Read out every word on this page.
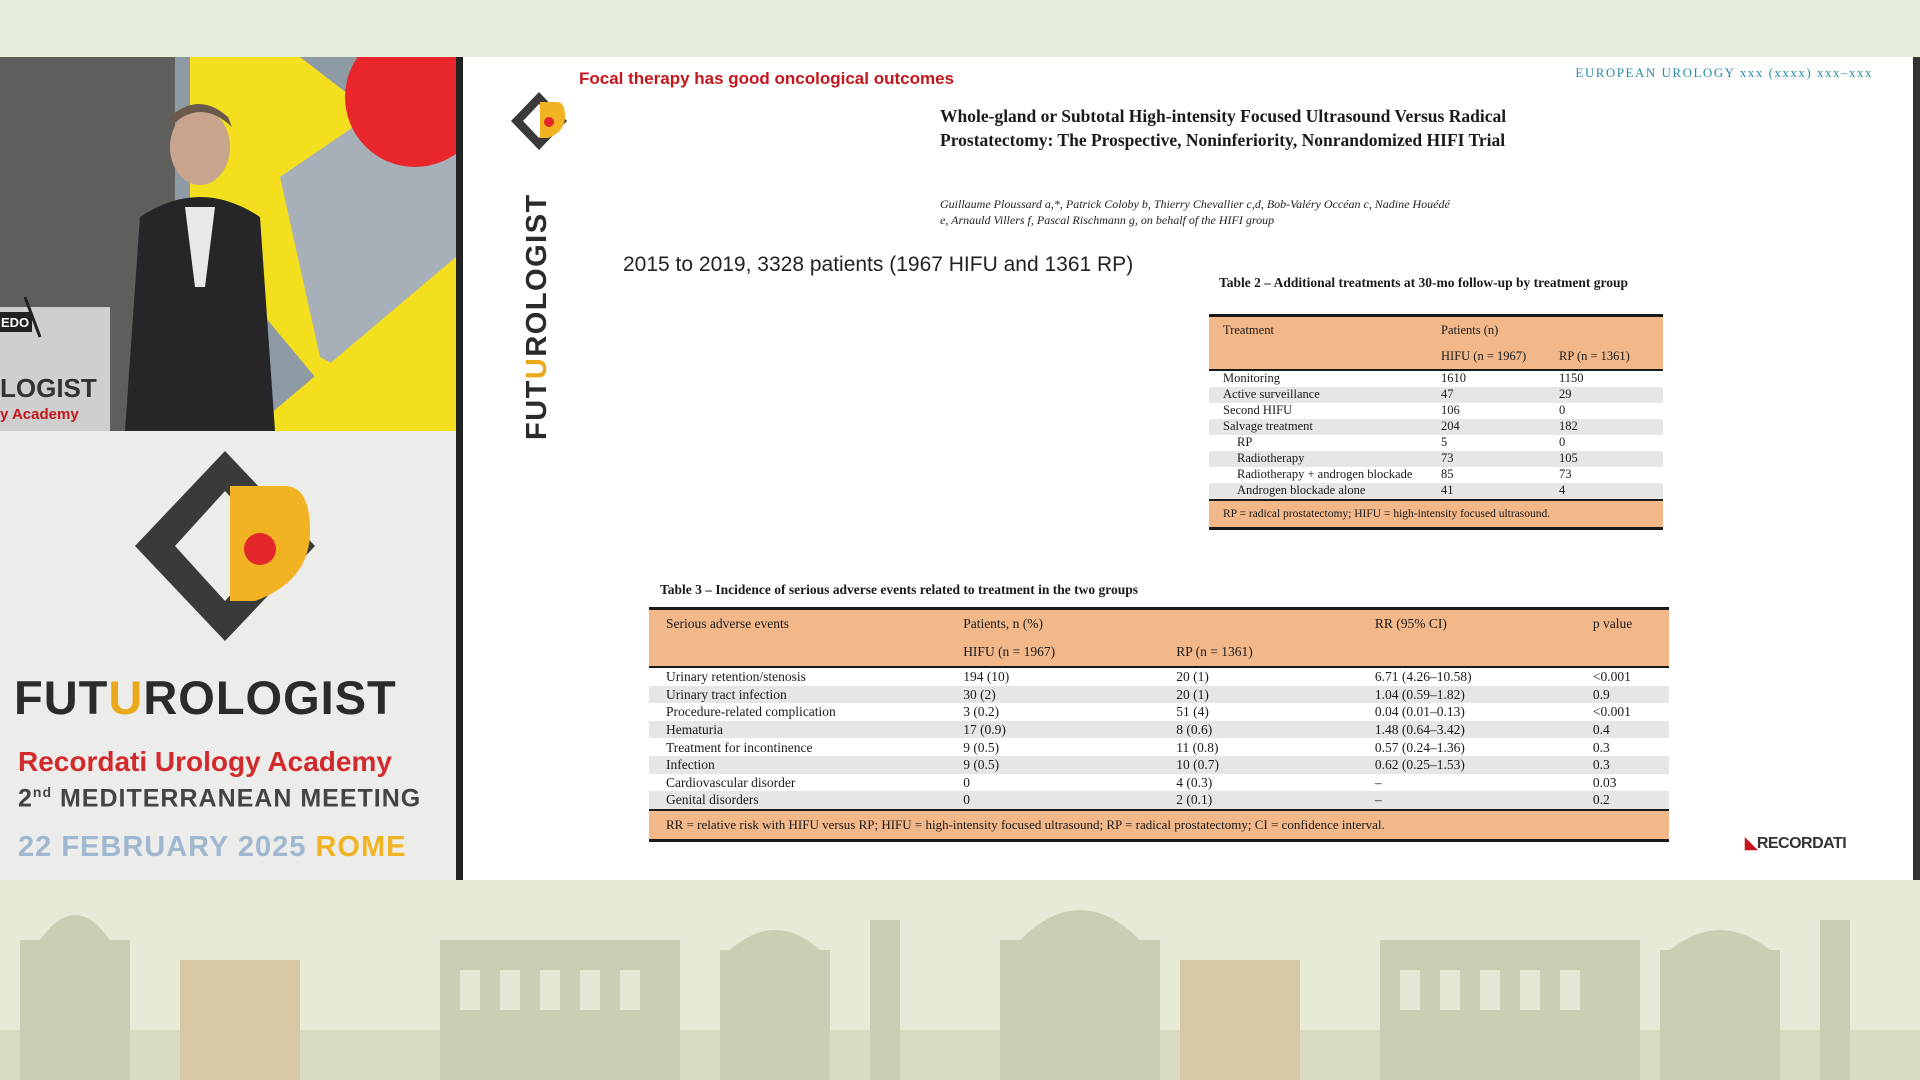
EDO
LOGIST
y Academy
FUTUROLOGIST
Recordati Urology Academy
2nd MEDITERRANEAN MEETING
22 FEBRUARY 2025 ROME
Focal therapy has good oncological outcomes	EUROPEAN UROLOGY xxx (xxxx) xxx–xxx
FUTUROLOGIST
Whole-gland or Subtotal High-intensity Focused Ultrasound Versus Radical Prostatectomy: The Prospective, Noninferiority, Nonrandomized HIFI Trial
Guillaume Ploussard a,*, Patrick Coloby b, Thierry Chevallier c,d, Bob-Valéry Occéan c, Nadine Houédé e, Arnauld Villers f, Pascal Rischmann g, on behalf of the HIFI group
2015 to 2019, 3328 patients (1967 HIFU and 1361 RP)
Table 2 – Additional treatments at 30-mo follow-up by treatment group
Treatment	Patients (n)	
	HIFU (n = 1967)	RP (n = 1361)
Monitoring	1610	1150
Active surveillance	47	29
Second HIFU	106	0
Salvage treatment	204	182
RP	5	0
Radiotherapy	73	105
Radiotherapy + androgen blockade	85	73
Androgen blockade alone	41	4
RP = radical prostatectomy; HIFU = high-intensity focused ultrasound.		
Table 3 – Incidence of serious adverse events related to treatment in the two groups
Serious adverse events	Patients, n (%)		RR (95% CI)	p value
	HIFU (n = 1967)	RP (n = 1361)		
Urinary retention/stenosis	194 (10)	20 (1)	6.71 (4.26–10.58)	<0.001
Urinary tract infection	30 (2)	20 (1)	1.04 (0.59–1.82)	0.9
Procedure-related complication	3 (0.2)	51 (4)	0.04 (0.01–0.13)	<0.001
Hematuria	17 (0.9)	8 (0.6)	1.48 (0.64–3.42)	0.4
Treatment for incontinence	9 (0.5)	11 (0.8)	0.57 (0.24–1.36)	0.3
Infection	9 (0.5)	10 (0.7)	0.62 (0.25–1.53)	0.3
Cardiovascular disorder	0	4 (0.3)	–	0.03
Genital disorders	0	2 (0.1)	–	0.2
RR = relative risk with HIFU versus RP; HIFU = high-intensity focused ultrasound; RP = radical prostatectomy; CI = confidence interval.				
◣RECORDATI
